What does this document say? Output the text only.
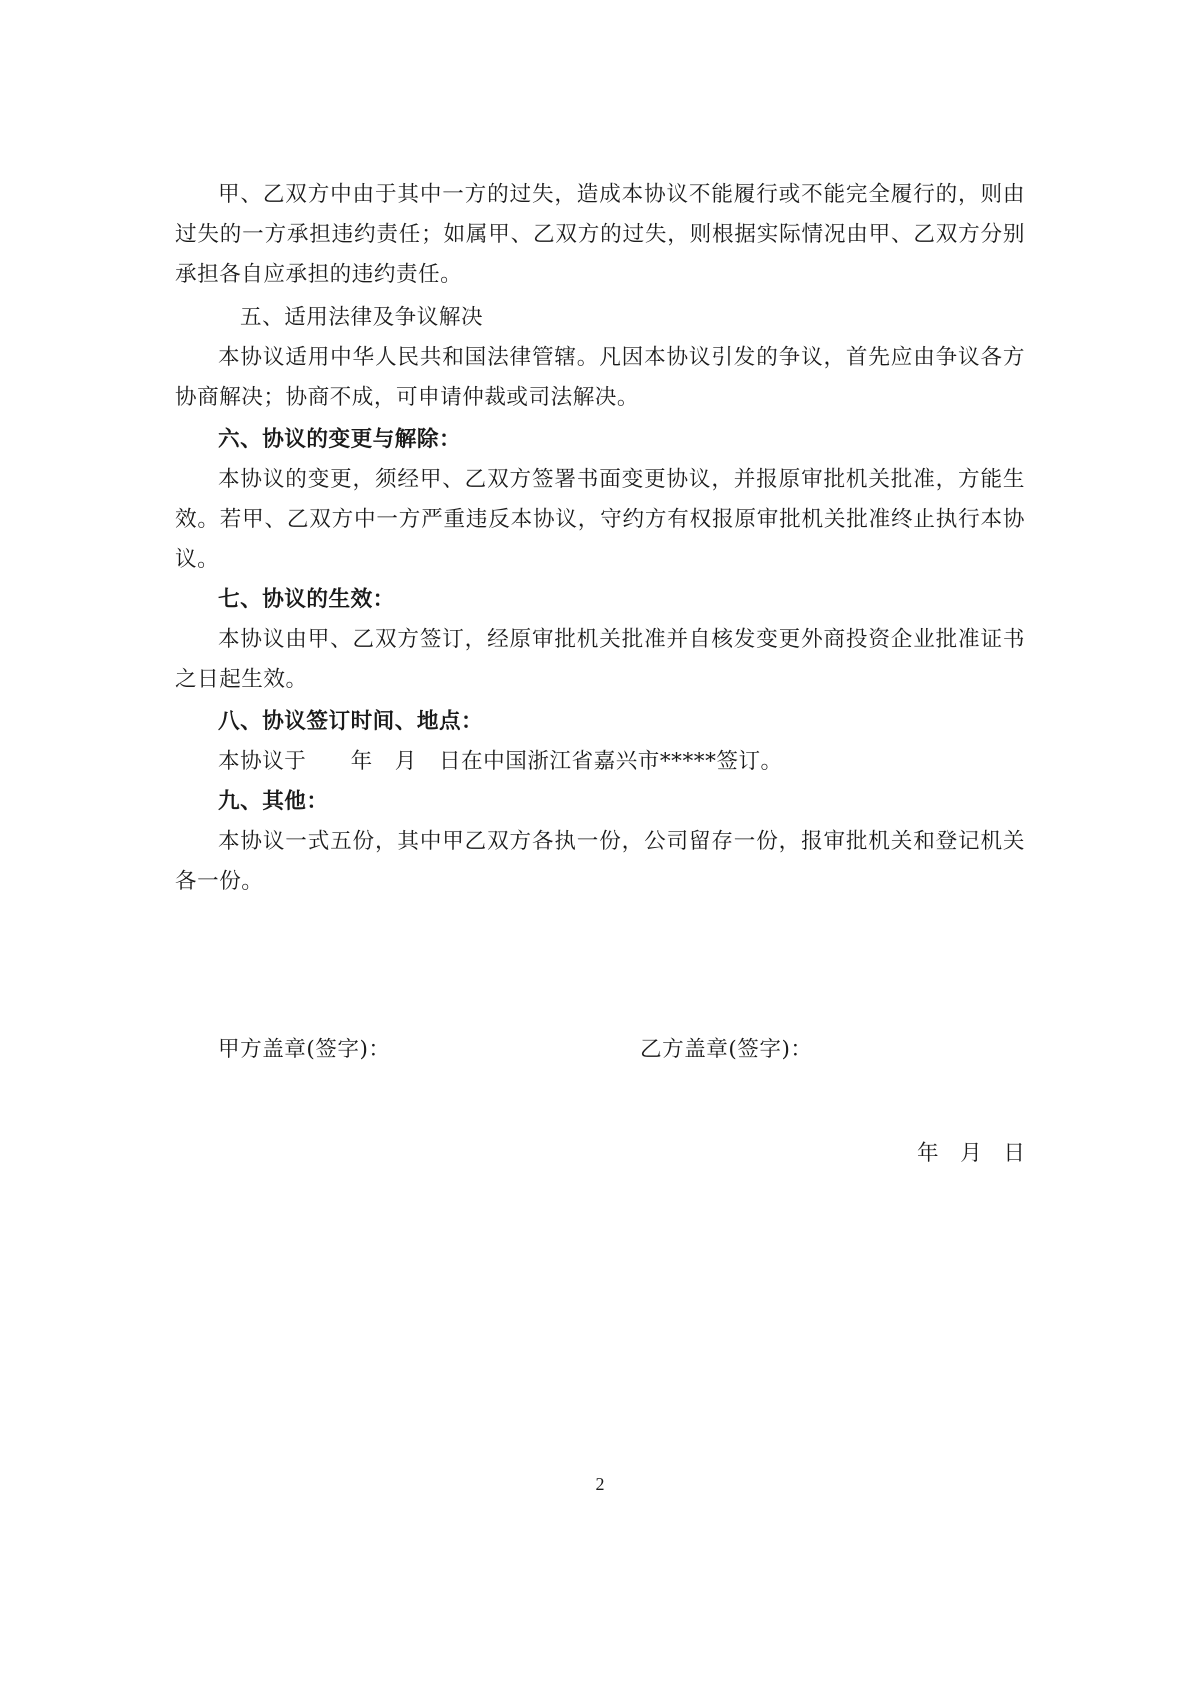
甲、乙双方中由于其中一方的过失，造成本协议不能履行或不能完全履行的，则由过失的一方承担违约责任；如属甲、乙双方的过失，则根据实际情况由甲、乙双方分别承担各自应承担的违约责任。

五、适用法律及争议解决

本协议适用中华人民共和国法律管辖。凡因本协议引发的争议，首先应由争议各方协商解决；协商不成，可申请仲裁或司法解决。

六、协议的变更与解除：

本协议的变更，须经甲、乙双方签署书面变更协议，并报原审批机关批准，方能生效。若甲、乙双方中一方严重违反本协议，守约方有权报原审批机关批准终止执行本协议。

七、协议的生效：

本协议由甲、乙双方签订，经原审批机关批准并自核发变更外商投资企业批准证书之日起生效。

八、协议签订时间、地点：

本协议于　　年　月　日在中国浙江省嘉兴市*****签订。

九、其他：

本协议一式五份，其中甲乙双方各执一份，公司留存一份，报审批机关和登记机关各一份。

甲方盖章(签字)：	乙方盖章(签字)：

年　月　日

2
